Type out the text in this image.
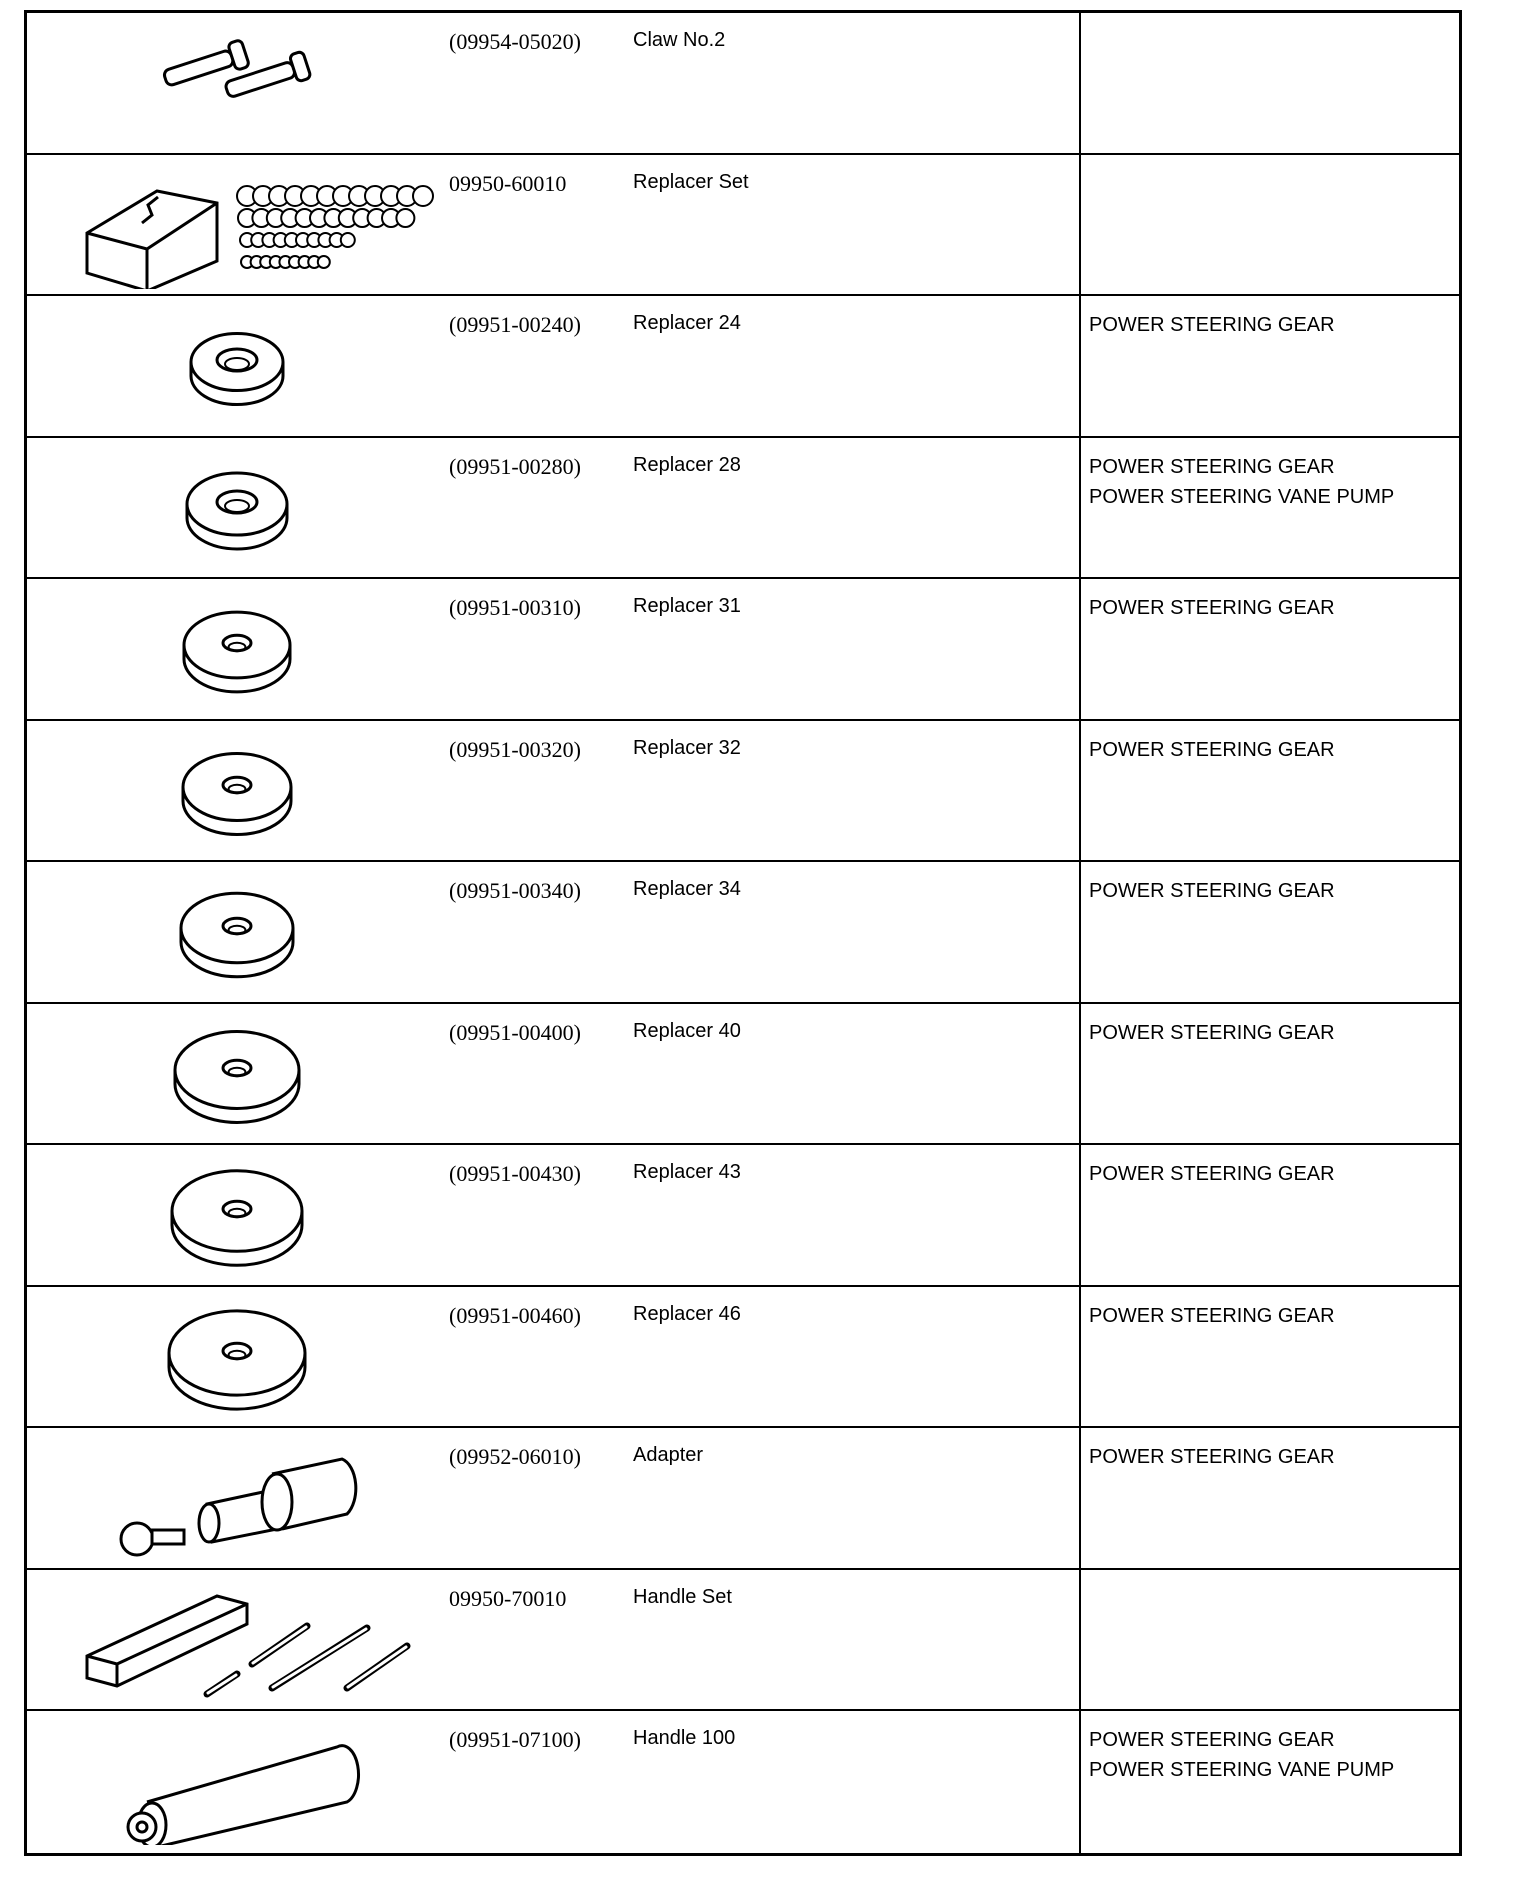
(09954-05020)	Claw No.2
09950-60010	Replacer Set
(09951-00240)	Replacer 24	POWER STEERING GEAR
(09951-00280)	Replacer 28	POWER STEERING GEAR
POWER STEERING VANE PUMP
(09951-00310)	Replacer 31	POWER STEERING GEAR
(09951-00320)	Replacer 32	POWER STEERING GEAR
(09951-00340)	Replacer 34	POWER STEERING GEAR
(09951-00400)	Replacer 40	POWER STEERING GEAR
(09951-00430)	Replacer 43	POWER STEERING GEAR
(09951-00460)	Replacer 46	POWER STEERING GEAR
(09952-06010)	Adapter	POWER STEERING GEAR
09950-70010	Handle Set
(09951-07100)	Handle 100	POWER STEERING GEAR
POWER STEERING VANE PUMP
